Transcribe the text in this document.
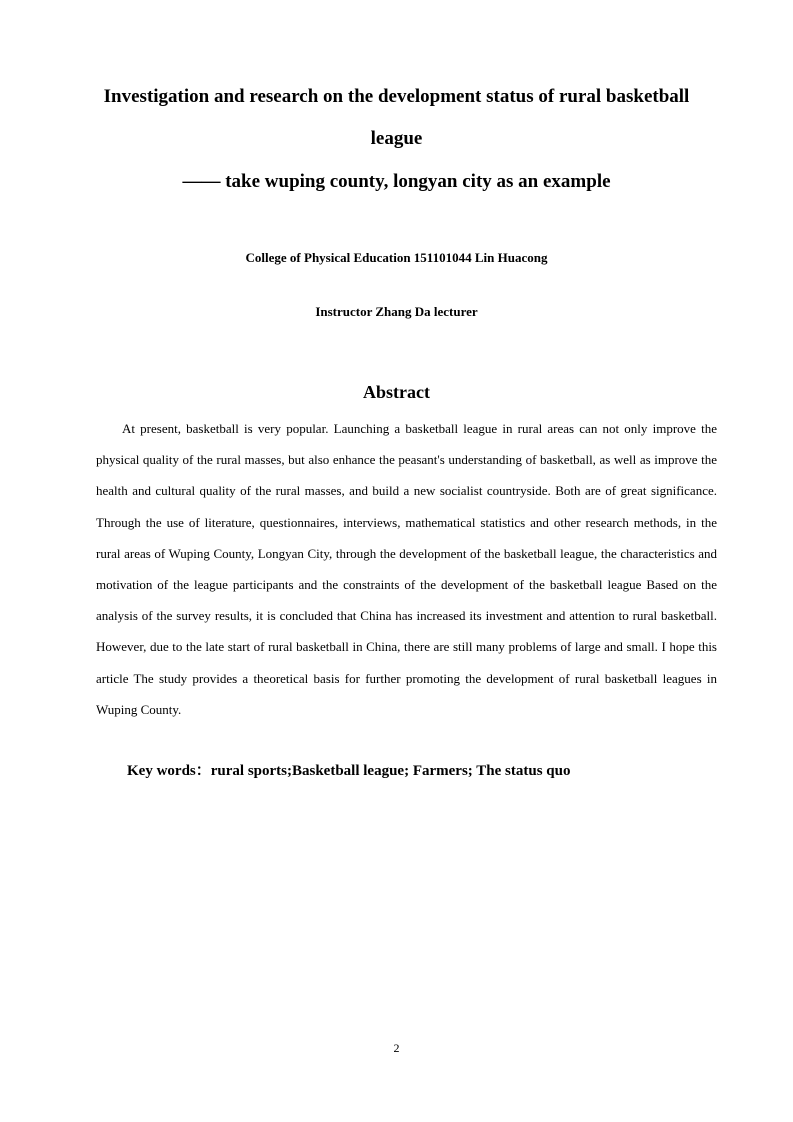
Investigation and research on the development status of rural basketball
league
—— take wuping county, longyan city as an example

College of Physical Education 151101044 Lin Huacong

Instructor Zhang Da lecturer

Abstract

At present, basketball is very popular. Launching a basketball league in rural areas can not only improve the physical quality of the rural masses, but also enhance the peasant's understanding of basketball, as well as improve the health and cultural quality of the rural masses, and build a new socialist countryside. Both are of great significance. Through the use of literature, questionnaires, interviews, mathematical statistics and other research methods, in the rural areas of Wuping County, Longyan City, through the development of the basketball league, the characteristics and motivation of the league participants and the constraints of the development of the basketball league Based on the analysis of the survey results, it is concluded that China has increased its investment and attention to rural basketball. However, due to the late start of rural basketball in China, there are still many problems of large and small. I hope this article The study provides a theoretical basis for further promoting the development of rural basketball leagues in Wuping County.

Key words：rural sports;Basketball league; Farmers; The status quo

2
